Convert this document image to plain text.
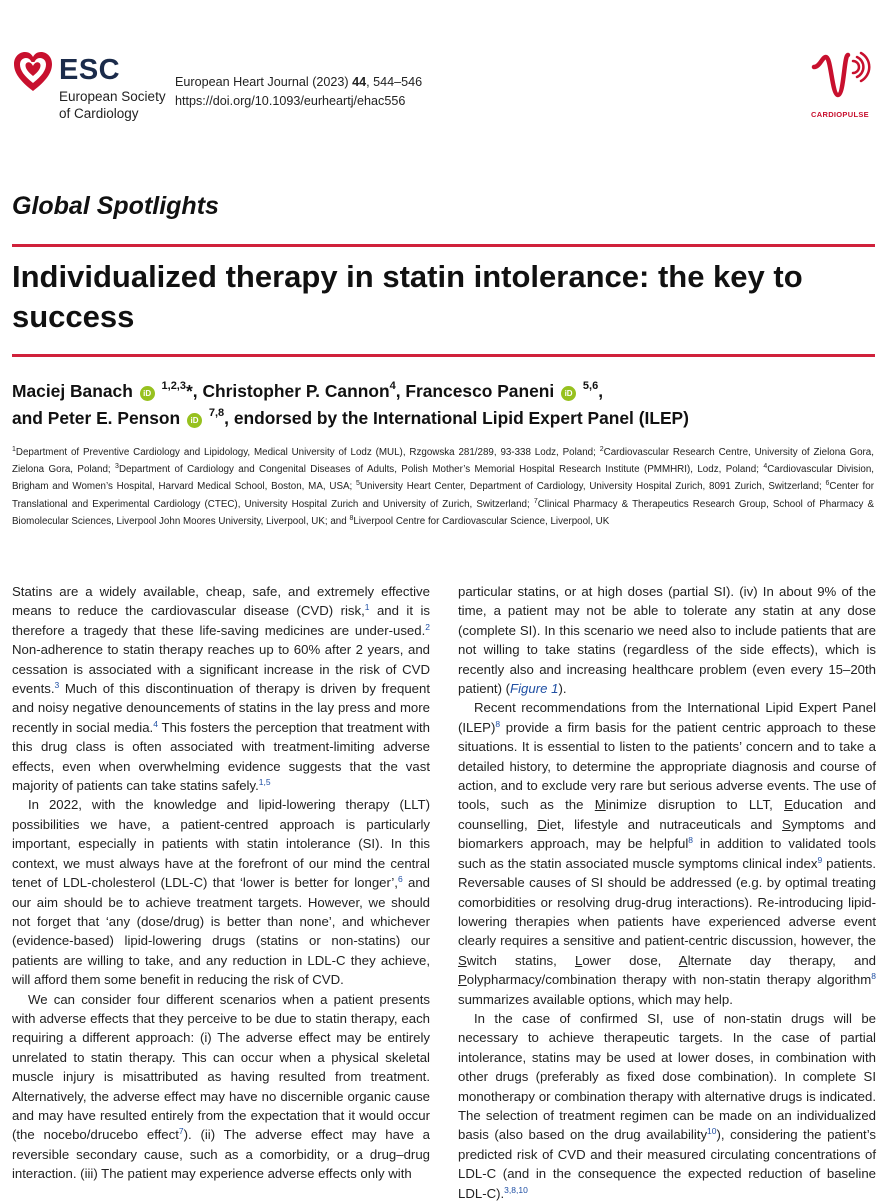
ESC
European Society
of Cardiology
European Heart Journal (2023) 44, 544–546
https://doi.org/10.1093/eurheartj/ehac556
CARDIOPULSE
Global Spotlights
Individualized therapy in statin intolerance: the key to success
Maciej Banach iD $^{1,2,3}$*, Christopher P. Cannon$^4$, Francesco Paneni iD $^{5,6}$,
and Peter E. Penson iD $^{7,8}$, endorsed by the International Lipid Expert Panel (ILEP)
$^1$Department of Preventive Cardiology and Lipidology, Medical University of Lodz (MUL), Rzgowska 281/289, 93-338 Lodz, Poland; $^2$Cardiovascular Research Centre, University of Zielona Gora, Zielona Gora, Poland; $^3$Department of Cardiology and Congenital Diseases of Adults, Polish Mother’s Memorial Hospital Research Institute (PMMHRI), Lodz, Poland; $^4$Cardiovascular Division, Brigham and Women’s Hospital, Harvard Medical School, Boston, MA, USA; $^5$University Heart Center, Department of Cardiology, University Hospital Zurich, 8091 Zurich, Switzerland; $^6$Center for Translational and Experimental Cardiology (CTEC), University Hospital Zurich and University of Zurich, Switzerland; $^7$Clinical Pharmacy & Therapeutics Research Group, School of Pharmacy & Biomolecular Sciences, Liverpool John Moores University, Liverpool, UK; and $^8$Liverpool Centre for Cardiovascular Science, Liverpool, UK

Statins are a widely available, cheap, safe, and extremely effective means to reduce the cardiovascular disease (CVD) risk,$^1$ and it is therefore a tragedy that these life-saving medicines are under-used.$^2$ Non-adherence to statin therapy reaches up to 60% after 2 years, and cessation is associated with a significant increase in the risk of CVD events.$^3$ Much of this discontinuation of therapy is driven by frequent and noisy negative denouncements of statins in the lay press and more recently in social media.$^4$ This fosters the perception that treatment with this drug class is often associated with treatment-limiting adverse effects, even when overwhelming evidence suggests that the vast majority of patients can take statins safely.$^{1,5}$

In 2022, with the knowledge and lipid-lowering therapy (LLT) possibilities we have, a patient-centred approach is particularly important, especially in patients with statin intolerance (SI). In this context, we must always have at the forefront of our mind the central tenet of LDL-cholesterol (LDL-C) that ‘lower is better for longer’,$^6$ and our aim should be to achieve treatment targets. However, we should not forget that ‘any (dose/drug) is better than none’, and whichever (evidence-based) lipid-lowering drugs (statins or non-statins) our patients are willing to take, and any reduction in LDL-C they achieve, will afford them some benefit in reducing the risk of CVD.

We can consider four different scenarios when a patient presents with adverse effects that they perceive to be due to statin therapy, each requiring a different approach: (i) The adverse effect may be entirely unrelated to statin therapy. This can occur when a physical skeletal muscle injury is misattributed as having resulted from treatment. Alternatively, the adverse effect may have no discernible organic cause and may have resulted entirely from the expectation that it would occur (the nocebo/drucebo effect$^7$). (ii) The adverse effect may have a reversible secondary cause, such as a comorbidity, or a drug–drug interaction. (iii) The patient may experience adverse effects only with

particular statins, or at high doses (partial SI). (iv) In about 9% of the time, a patient may not be able to tolerate any statin at any dose (complete SI). In this scenario we need also to include patients that are not willing to take statins (regardless of the side effects), which is recently also and increasing healthcare problem (even every 15–20th patient) (Figure 1).

Recent recommendations from the International Lipid Expert Panel (ILEP)$^8$ provide a firm basis for the patient centric approach to these situations. It is essential to listen to the patients’ concern and to take a detailed history, to determine the appropriate diagnosis and course of action, and to exclude very rare but serious adverse events. The use of tools, such as the Minimize disruption to LLT, Education and counselling, Diet, lifestyle and nutraceuticals and Symptoms and biomarkers approach, may be helpful$^8$ in addition to validated tools such as the statin associated muscle symptoms clinical index$^9$ patients. Reversable causes of SI should be addressed (e.g. by optimal treating comorbidities or resolving drug-drug interactions). Re-introducing lipid-lowering therapies when patients have experienced adverse event clearly requires a sensitive and patient-centric discussion, however, the Switch statins, Lower dose, Alternate day therapy, and Polypharmacy/combination therapy with non-statin therapy algorithm$^8$ summarizes available options, which may help.

In the case of confirmed SI, use of non-statin drugs will be necessary to achieve therapeutic targets. In the case of partial intolerance, statins may be used at lower doses, in combination with other drugs (preferably as fixed dose combination). In complete SI monotherapy or combination therapy with alternative drugs is indicated. The selection of treatment regimen can be made on an individualized basis (also based on the drug availability$^{10}$), considering the patient’s predicted risk of CVD and their measured circulating concentrations of LDL-C (and in the consequence the expected reduction of baseline LDL-C).$^{3,8,10}$
